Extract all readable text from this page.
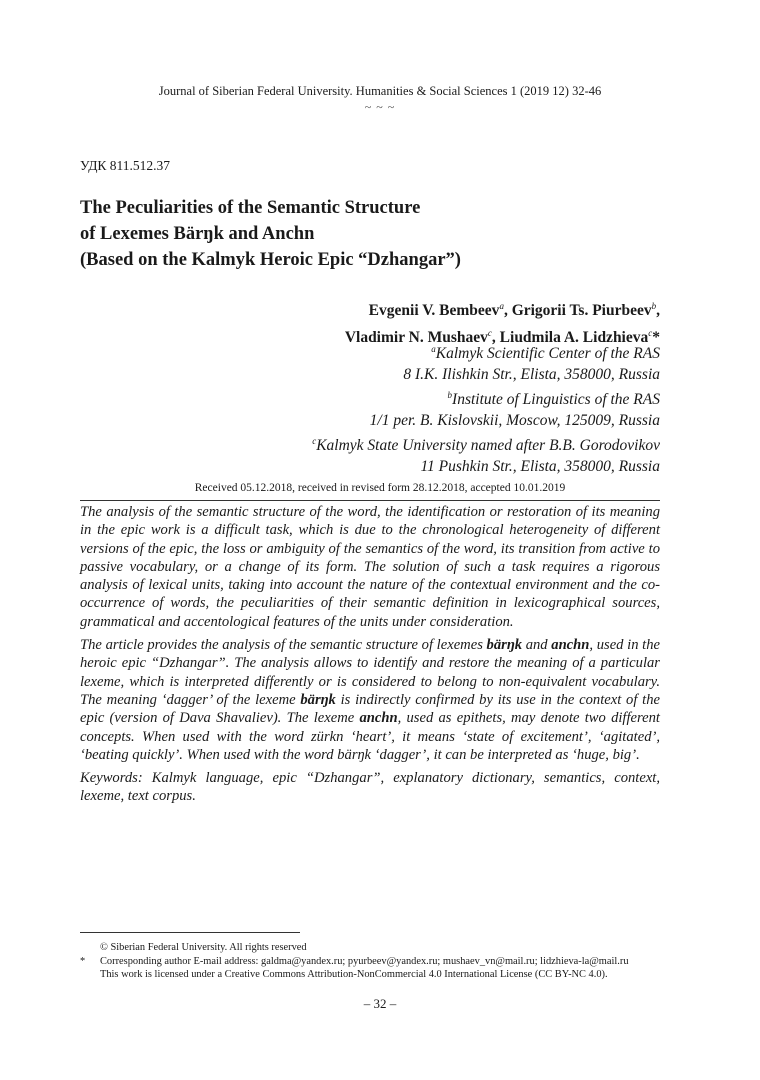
Journal of Siberian Federal University. Humanities & Social Sciences 1 (2019 12) 32-46
~ ~ ~
УДК 811.512.37
The Peculiarities of the Semantic Structure
of Lexemes Bärŋk and Anchn
(Based on the Kalmyk Heroic Epic “Dzhangar”)
Evgenii V. Bembeev$^a$, Grigorii Ts. Piurbeev$^b$,
Vladimir N. Mushaev$^c$, Liudmila A. Lidzhieva$^c$*
$^a$Kalmyk Scientific Center of the RAS
8 I.K. Ilishkin Str., Elista, 358000, Russia
$^b$Institute of Linguistics of the RAS
1/1 per. B. Kislovskii, Moscow, 125009, Russia
$^c$Kalmyk State University named after B.B. Gorodovikov
11 Pushkin Str., Elista, 358000, Russia
Received 05.12.2018, received in revised form 28.12.2018, accepted 10.01.2019

The analysis of the semantic structure of the word, the identification or restoration of its meaning in the epic work is a difficult task, which is due to the chronological heterogeneity of different versions of the epic, the loss or ambiguity of the semantics of the word, its transition from active to passive vocabulary, or a change of its form. The solution of such a task requires a rigorous analysis of lexical units, taking into account the nature of the contextual environment and the co-occurrence of words, the peculiarities of their semantic definition in lexicographical sources, grammatical and accentological features of the units under consideration.

The article provides the analysis of the semantic structure of lexemes bärŋk and anchn, used in the heroic epic “Dzhangar”. The analysis allows to identify and restore the meaning of a particular lexeme, which is interpreted differently or is considered to belong to non-equivalent vocabulary. The meaning ‘dagger’ of the lexeme bärŋk is indirectly confirmed by its use in the context of the epic (version of Dava Shavaliev). The lexeme anchn, used as epithets, may denote two different concepts. When used with the word zürkn ‘heart’, it means ‘state of excitement’, ‘agitated’, ‘beating quickly’. When used with the word bärŋk ‘dagger’, it can be interpreted as ‘huge, big’.

Keywords: Kalmyk language, epic “Dzhangar”, explanatory dictionary, semantics, context, lexeme, text corpus.

© Siberian Federal University. All rights reserved
*	Corresponding author E-mail address: galdma@yandex.ru; pyurbeev@yandex.ru; mushaev_vn@mail.ru; lidzhieva-la@mail.ru
This work is licensed under a Creative Commons Attribution-NonCommercial 4.0 International License (CC BY-NC 4.0).
– 32 –
